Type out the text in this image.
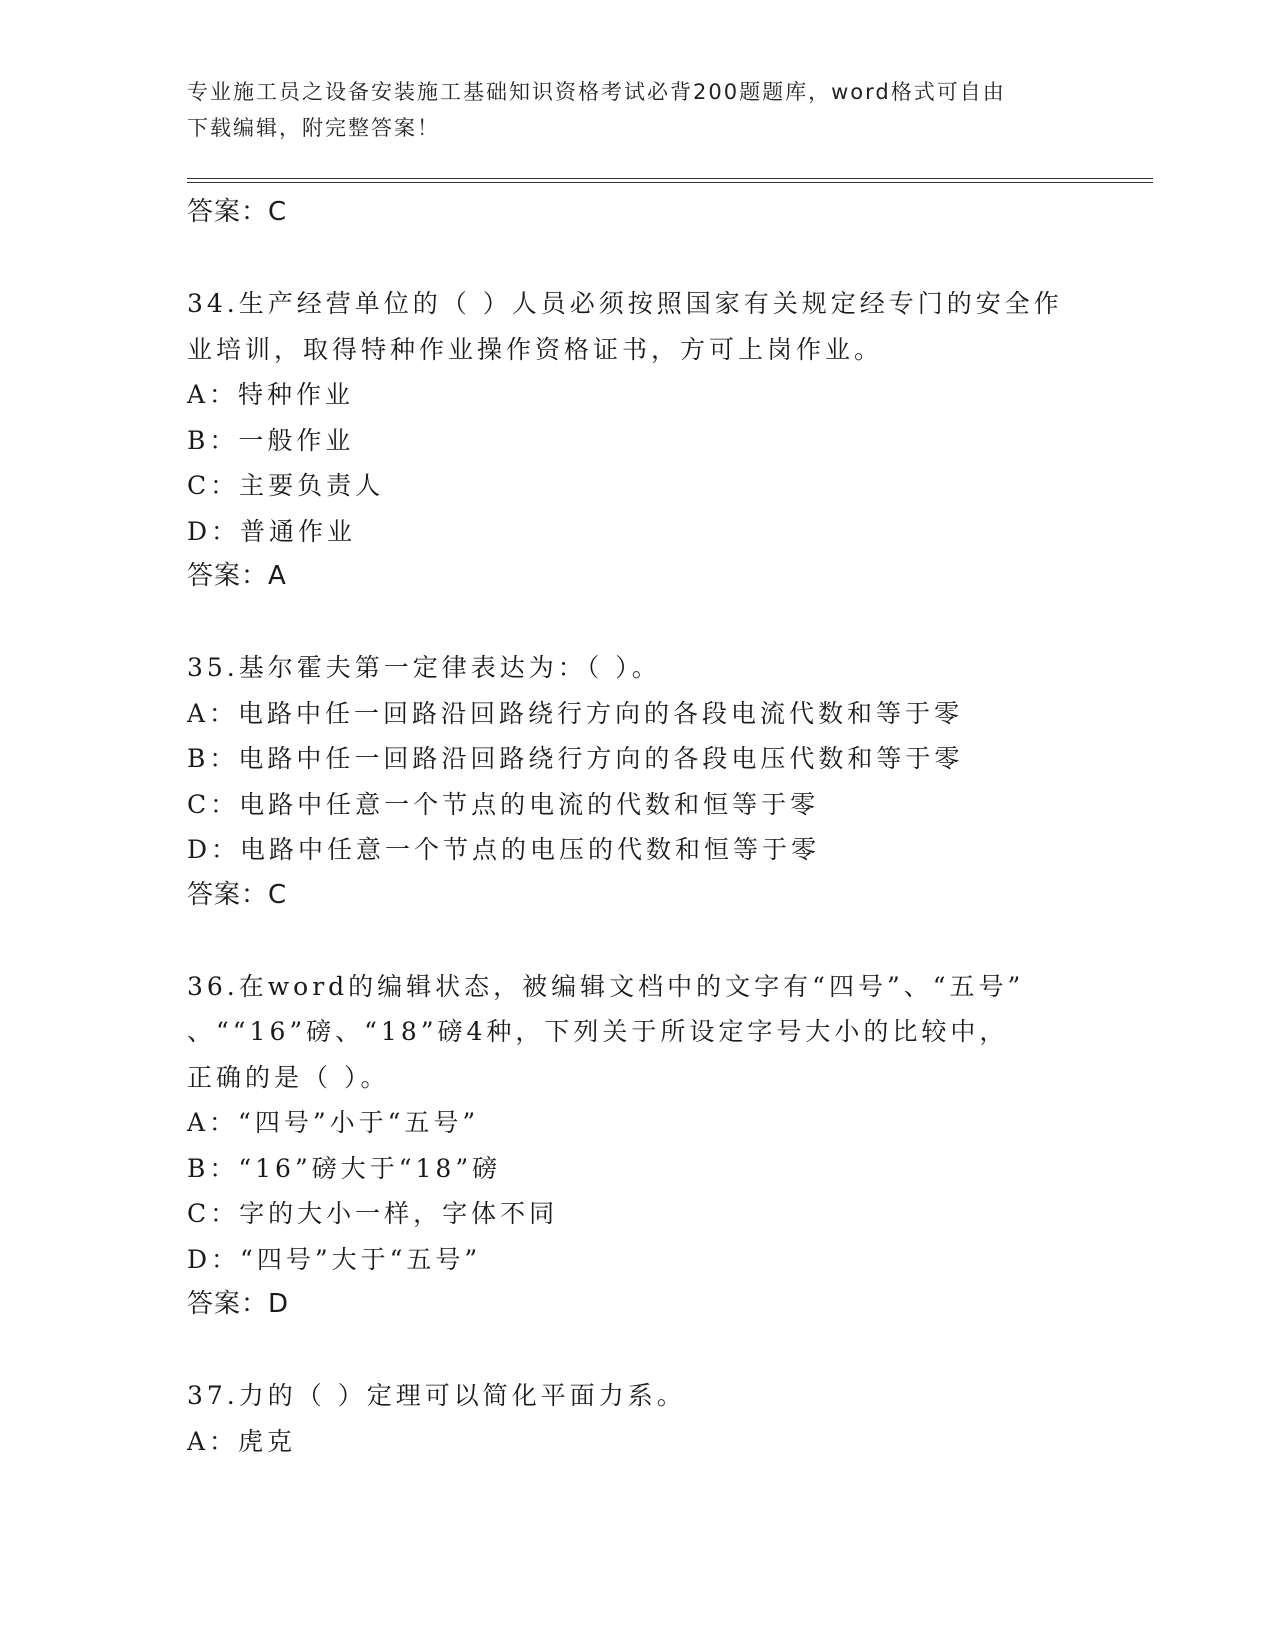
专业施工员之设备安装施工基础知识资格考试必背200题题库，word格式可自由
下载编辑，附完整答案！
答案：C
34.生产经营单位的（ ）人员必须按照国家有关规定经专门的安全作
业培训，取得特种作业操作资格证书，方可上岗作业。
A：特种作业
B：一般作业
C：主要负责人
D：普通作业
答案：A
35.基尔霍夫第一定律表达为：（ ）。
A：电路中任一回路沿回路绕行方向的各段电流代数和等于零
B：电路中任一回路沿回路绕行方向的各段电压代数和等于零
C：电路中任意一个节点的电流的代数和恒等于零
D：电路中任意一个节点的电压的代数和恒等于零
答案：C
36.在word的编辑状态，被编辑文档中的文字有“四号”、“五号”
、““16”磅、“18”磅4种，下列关于所设定字号大小的比较中，
正确的是（ ）。
A：“四号”小于“五号”
B：“16”磅大于“18”磅
C：字的大小一样，字体不同
D：“四号”大于“五号”
答案：D
37.力的（ ）定理可以简化平面力系。
A：虎克
